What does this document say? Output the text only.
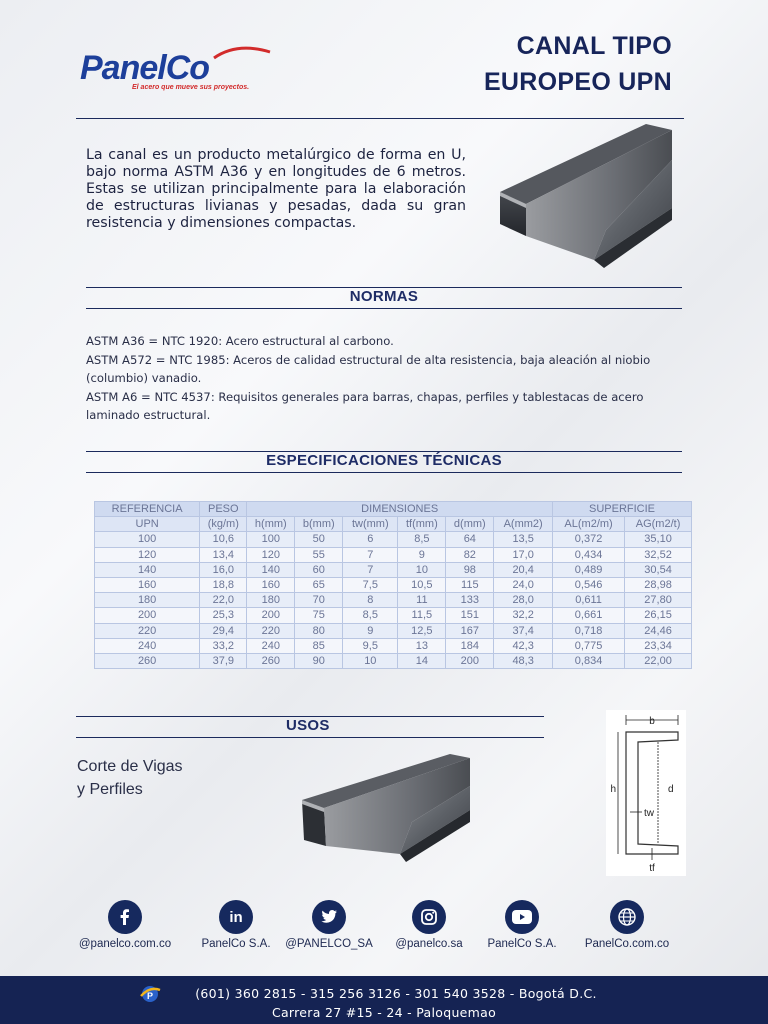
PanelCo
El acero que mueve sus proyectos.
CANAL TIPO
EUROPEO UPN
La canal es un producto metalúrgico de forma en U, bajo norma ASTM A36 y en longitudes de 6 metros. Estas se utilizan principalmente para la elaboración de estructuras livianas y pesadas, dada su gran resistencia y dimensiones compactas.
NORMAS
ASTM A36 = NTC 1920: Acero estructural al carbono.
ASTM A572 = NTC 1985: Aceros de calidad estructural de alta resistencia, baja aleación al niobio (columbio) vanadio.
ASTM A6 = NTC 4537: Requisitos generales para barras, chapas, perfiles y tablestacas de acero laminado estructural.
ESPECIFICACIONES TÉCNICAS
REFERENCIA	PESO	DIMENSIONES						SUPERFICIE	
UPN	(kg/m)	h(mm)	b(mm)	tw(mm)	tf(mm)	d(mm)	A(mm2)	AL(m2/m)	AG(m2/t)
100	10,6	100	50	6	8,5	64	13,5	0,372	35,10
120	13,4	120	55	7	9	82	17,0	0,434	32,52
140	16,0	140	60	7	10	98	20,4	0,489	30,54
160	18,8	160	65	7,5	10,5	115	24,0	0,546	28,98
180	22,0	180	70	8	11	133	28,0	0,611	27,80
200	25,3	200	75	8,5	11,5	151	32,2	0,661	26,15
220	29,4	220	80	9	12,5	167	37,4	0,718	24,46
240	33,2	240	85	9,5	13	184	42,3	0,775	23,34
260	37,9	260	90	10	14	200	48,3	0,834	22,00
USOS
Corte de Vigas
y Perfiles
b
h	d
tw
tf
@panelco.com.co
in
PanelCo S.A.	@PANELCO_SA	@panelco.sa	PanelCo S.A.	PanelCo.com.co
P	(601) 360 2815 - 315 256 3126 - 301 540 3528 - Bogotá D.C.
Carrera 27 #15 - 24 - Paloquemao
